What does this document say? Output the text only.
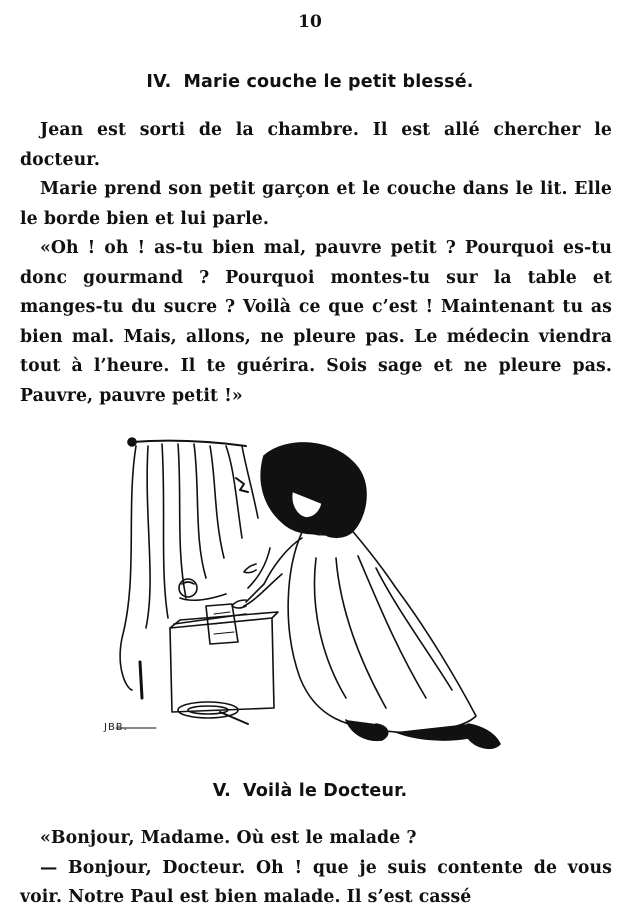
10
IV. Marie couche le petit blessé.

Jean est sorti de la chambre. Il est allé chercher le docteur.

Marie prend son petit garçon et le couche dans le lit. Elle le borde bien et lui parle.

«Oh ! oh ! as-tu bien mal, pauvre petit ? Pourquoi es-tu donc gourmand ? Pourquoi montes-tu sur la table et manges-tu du sucre ? Voilà ce que c’est ! Maintenant tu as bien mal. Mais, allons, ne pleure pas. Le médecin viendra tout à l’heure. Il te guérira. Sois sage et ne pleure pas. Pauvre, pauvre petit !»

JBB.
V. Voilà le Docteur.

«Bonjour, Madame. Où est le malade ?

— Bonjour, Docteur. Oh ! que je suis contente de vous voir. Notre Paul est bien malade. Il s’est cassé
